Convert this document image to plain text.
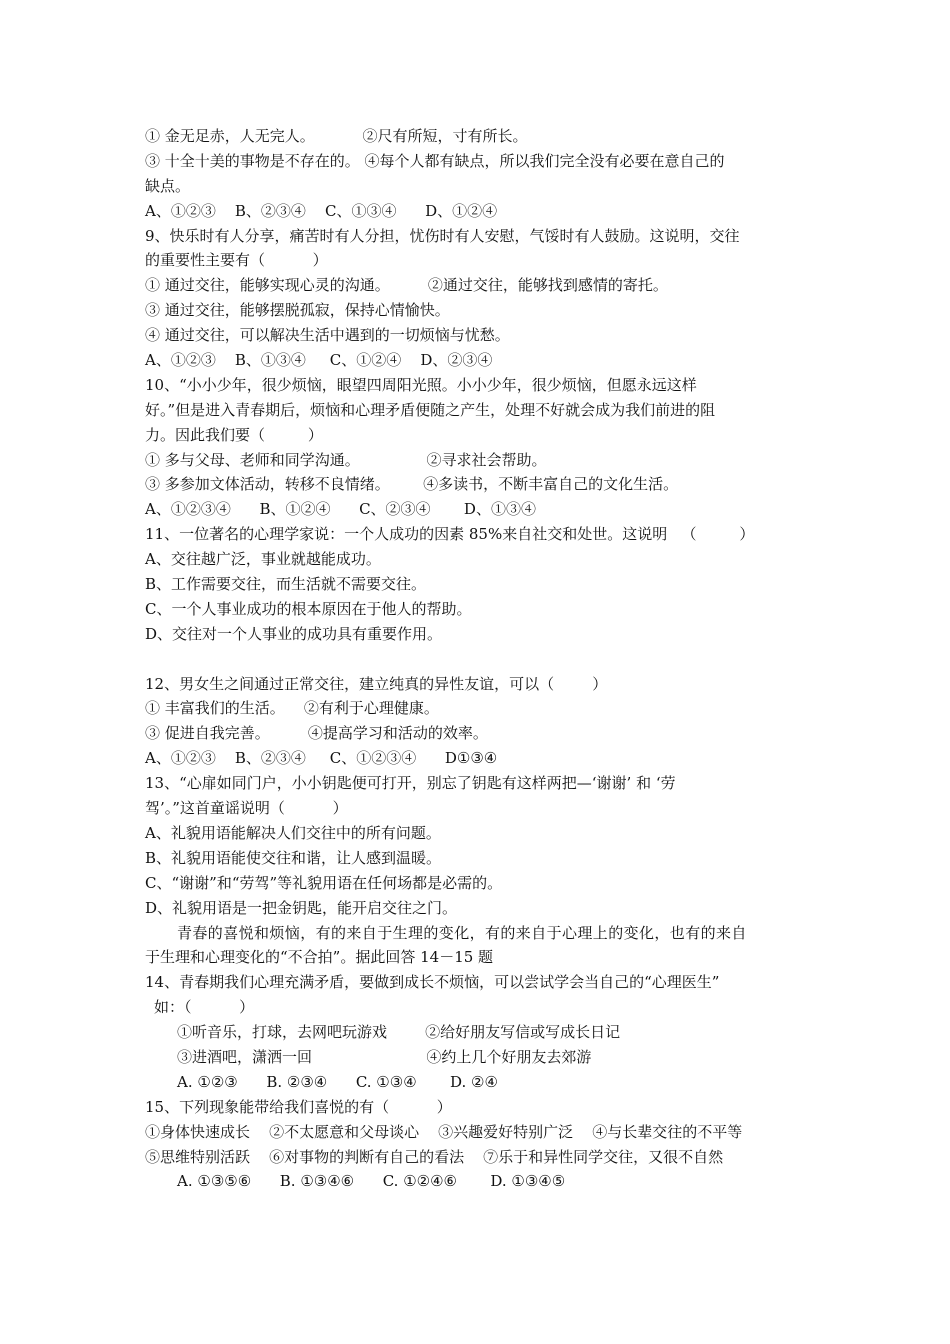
① 金无足赤，人无完人。          ②尺有所短，寸有所长。
③ 十全十美的事物是不存在的。 ④每个人都有缺点，所以我们完全没有必要在意自己的
缺点。
A、①②③    B、②③④    C、①③④      D、①②④
9、快乐时有人分享，痛苦时有人分担，忧伤时有人安慰，气馁时有人鼓励。这说明，交往
的重要性主要有（          ）
① 通过交往，能够实现心灵的沟通。        ②通过交往，能够找到感情的寄托。
③ 通过交往，能够摆脱孤寂，保持心情愉快。
④ 通过交往，可以解决生活中遇到的一切烦恼与忧愁。
A、①②③    B、①③④     C、①②④    D、②③④
10、“小小少年，很少烦恼，眼望四周阳光照。小小少年，很少烦恼，但愿永远这样
好。”但是进入青春期后，烦恼和心理矛盾便随之产生，处理不好就会成为我们前进的阻
力。因此我们要（         ）
① 多与父母、老师和同学沟通。              ②寻求社会帮助。
③ 多参加文体活动，转移不良情绪。       ④多读书，不断丰富自己的文化生活。
A、①②③④      B、①②④      C、②③④       D、①③④
11、一位著名的心理学家说：一个人成功的因素 85%来自社交和处世。这说明   （         ）
A、交往越广泛，事业就越能成功。
B、工作需要交往，而生活就不需要交往。
C、一个人事业成功的根本原因在于他人的帮助。
D、交往对一个人事业的成功具有重要作用。
12、男女生之间通过正常交往，建立纯真的异性友谊，可以（        ）
① 丰富我们的生活。    ②有利于心理健康。
③ 促进自我完善。        ④提高学习和活动的效率。
A、①②③    B、②③④     C、①②③④      D①③④
13、“心扉如同门户，小小钥匙便可打开，别忘了钥匙有这样两把—‘谢谢’ 和 ‘劳
驾’。”这首童谣说明（          ）
A、礼貌用语能解决人们交往中的所有问题。
B、礼貌用语能使交往和谐，让人感到温暖。
C、“谢谢”和“劳驾”等礼貌用语在任何场都是必需的。
D、礼貌用语是一把金钥匙，能开启交往之门。
青春的喜悦和烦恼，有的来自于生理的变化，有的来自于心理上的变化，也有的来自
于生理和心理变化的“不合拍”。据此回答 14－15 题
14、青春期我们心理充满矛盾，要做到成长不烦恼，可以尝试学会当自己的“心理医生”
如：（          ）
①听音乐，打球，去网吧玩游戏        ②给好朋友写信或写成长日记
③进酒吧，潇洒一回                        ④约上几个好朋友去郊游
A. ①②③      B. ②③④      C. ①③④       D. ②④
15、下列现象能带给我们喜悦的有（          ）
①身体快速成长    ②不太愿意和父母谈心    ③兴趣爱好特别广泛    ④与长辈交往的不平等
⑤思维特别活跃    ⑥对事物的判断有自己的看法    ⑦乐于和异性同学交往，又很不自然
A. ①③⑤⑥      B. ①③④⑥      C. ①②④⑥       D. ①③④⑤
